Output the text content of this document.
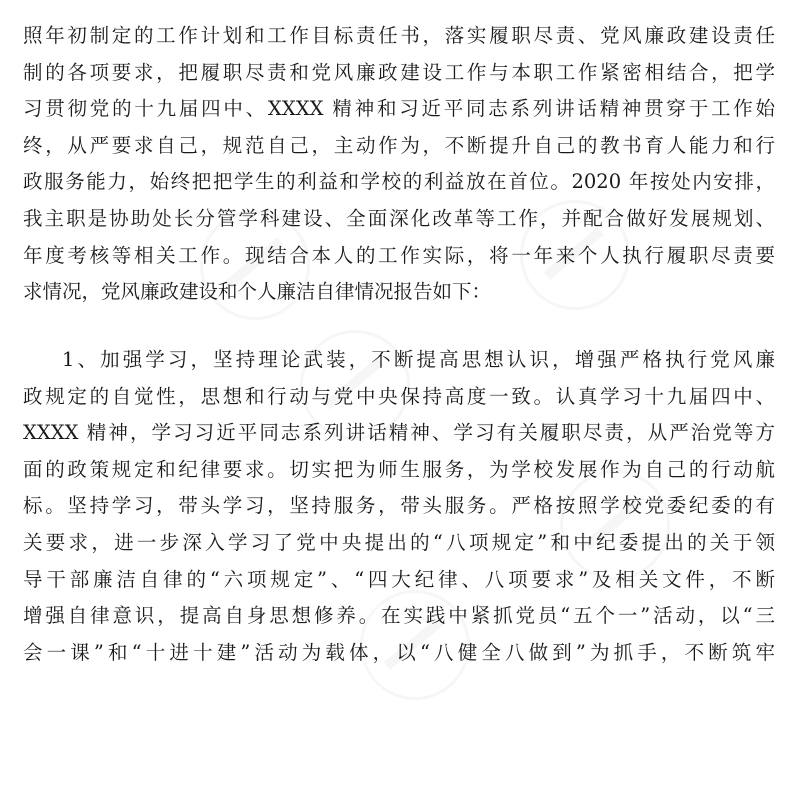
照年初制定的工作计划和工作目标责任书，落实履职尽责、党风廉政建设责任
制的各项要求，把履职尽责和党风廉政建设工作与本职工作紧密相结合，把学
习贯彻党的十九届四中、XXXX 精神和习近平同志系列讲话精神贯穿于工作始
终，从严要求自己，规范自己，主动作为，不断提升自己的教书育人能力和行
政服务能力，始终把把学生的利益和学校的利益放在首位。2020 年按处内安排，
我主职是协助处长分管学科建设、全面深化改革等工作，并配合做好发展规划、
年度考核等相关工作。现结合本人的工作实际，将一年来个人执行履职尽责要
求情况，党风廉政建设和个人廉洁自律情况报告如下：
1、加强学习，坚持理论武装，不断提高思想认识，增强严格执行党风廉
政规定的自觉性，思想和行动与党中央保持高度一致。认真学习十九届四中、
XXXX 精神，学习习近平同志系列讲话精神、学习有关履职尽责，从严治党等方
面的政策规定和纪律要求。切实把为师生服务，为学校发展作为自己的行动航
标。坚持学习，带头学习，坚持服务，带头服务。严格按照学校党委纪委的有
关要求，进一步深入学习了党中央提出的“八项规定”和中纪委提出的关于领
导干部廉洁自律的“六项规定”、“四大纪律、八项要求”及相关文件，不断
增强自律意识，提高自身思想修养。在实践中紧抓党员“五个一”活动，以“三
会一课”和“十进十建”活动为载体，以“八健全八做到”为抓手，不断筑牢
